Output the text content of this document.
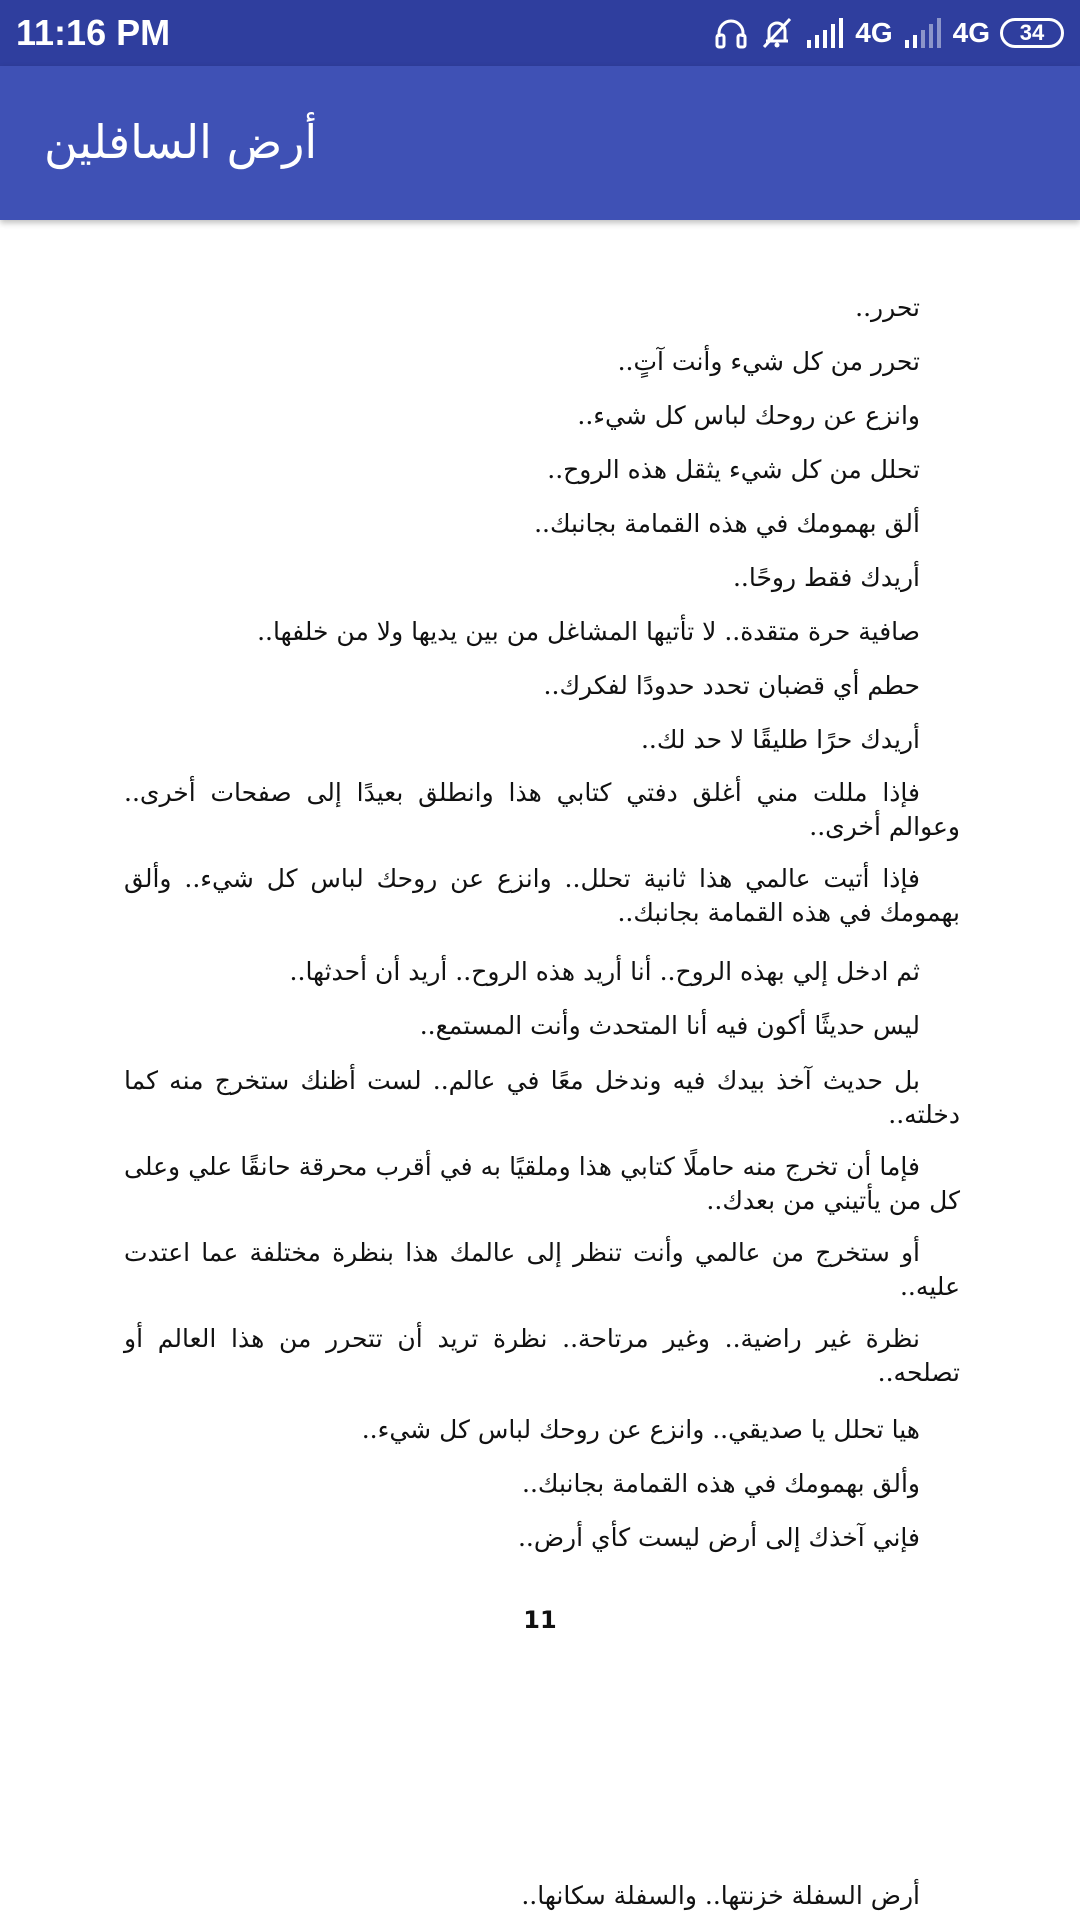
11:16 PM	4G 4G 34
أرض السافلين
تحرر..
تحرر من كل شيء وأنت آتٍ..
وانزع عن روحك لباس كل شيء..
تحلل من كل شيء يثقل هذه الروح..
ألق بهمومك في هذه القمامة بجانبك..
أريدك فقط روحًا..
صافية حرة متقدة.. لا تأتيها المشاغل من بين يديها ولا من خلفها..
حطم أي قضبان تحدد حدودًا لفكرك..
أريدك حرًا طليقًا لا حد لك..
فإذا مللت مني أغلق دفتي كتابي هذا وانطلق بعيدًا إلى صفحات أخرى.. وعوالم أخرى..
فإذا أتيت عالمي هذا ثانية تحلل.. وانزع عن روحك لباس كل شيء.. وألق بهمومك في هذه القمامة بجانبك..
ثم ادخل إلي بهذه الروح.. أنا أريد هذه الروح.. أريد أن أحدثها..
ليس حديثًا أكون فيه أنا المتحدث وأنت المستمع..
بل حديث آخذ بيدك فيه وندخل معًا في عالم.. لست أظنك ستخرج منه كما دخلته..
فإما أن تخرج منه حاملًا كتابي هذا وملقيًا به في أقرب محرقة حانقًا علي وعلى كل من يأتيني من بعدك..
أو ستخرج من عالمي وأنت تنظر إلى عالمك هذا بنظرة مختلفة عما اعتدت عليه..
نظرة غير راضية.. وغير مرتاحة.. نظرة تريد أن تتحرر من هذا العالم أو تصلحه..
هيا تحلل يا صديقي.. وانزع عن روحك لباس كل شيء..
وألق بهمومك في هذه القمامة بجانبك..
فإني آخذك إلى أرض ليست كأي أرض..
11
أرض السفلة خزنتها.. والسفلة سكانها..
